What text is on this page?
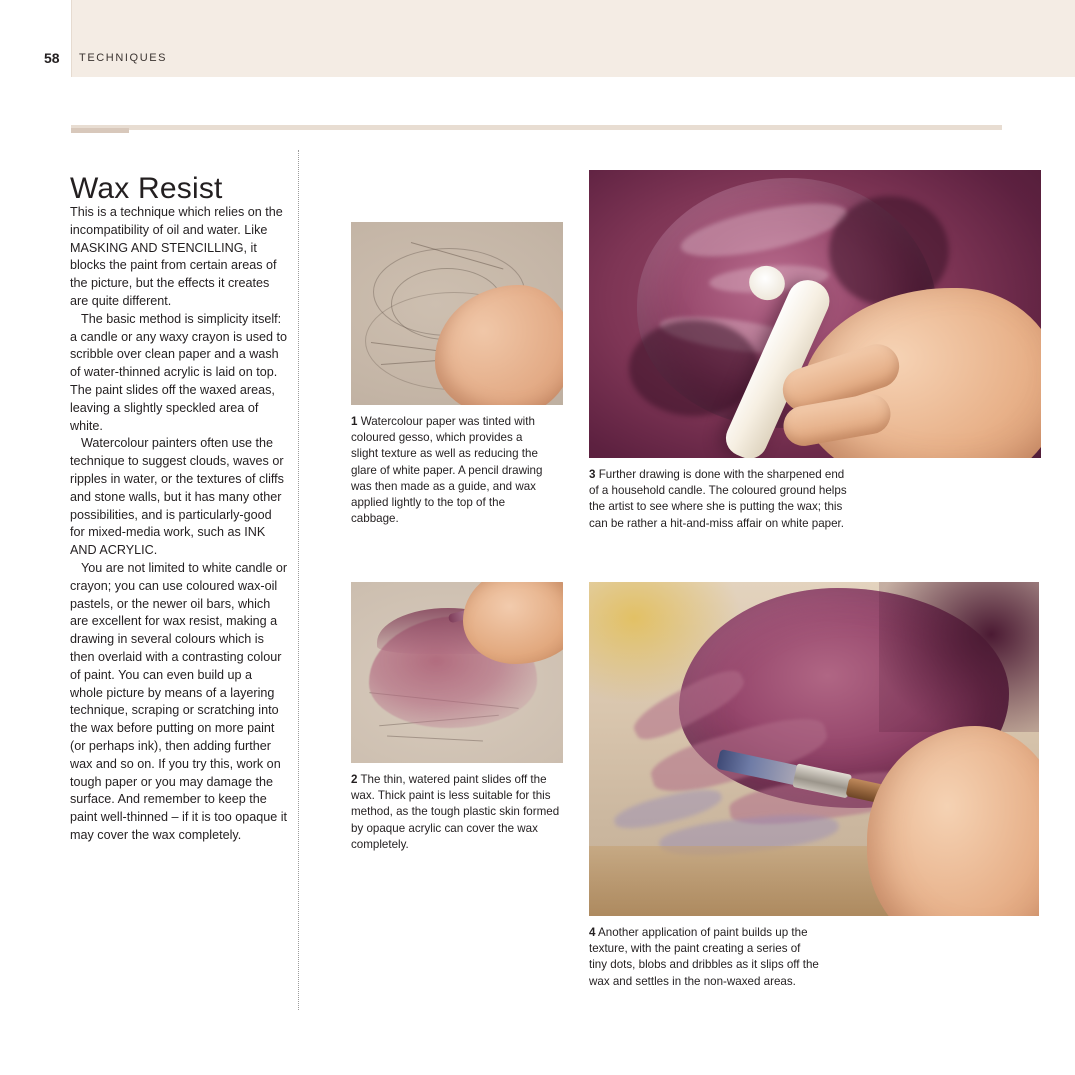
58 TECHNIQUES
Wax Resist

This is a technique which relies on the incompatibility of oil and water. Like MASKING AND STENCILLING, it blocks the paint from certain areas of the picture, but the effects it creates are quite different.

The basic method is simplicity itself: a candle or any waxy crayon is used to scribble over clean paper and a wash of water-thinned acrylic is laid on top. The paint slides off the waxed areas, leaving a slightly speckled area of white.

Watercolour painters often use the technique to suggest clouds, waves or ripples in water, or the textures of cliffs and stone walls, but it has many other possibilities, and is particularly-good for mixed-media work, such as INK AND ACRYLIC.

You are not limited to white candle or crayon; you can use coloured wax-oil pastels, or the newer oil bars, which are excellent for wax resist, making a drawing in several colours which is then overlaid with a contrasting colour of paint. You can even build up a whole picture by means of a layering technique, scraping or scratching into the wax before putting on more paint (or perhaps ink), then adding further wax and so on. If you try this, work on tough paper or you may damage the surface. And remember to keep the paint well-thinned – if it is too opaque it may cover the wax completely.

1 Watercolour paper was tinted with coloured gesso, which provides a slight texture as well as reducing the glare of white paper. A pencil drawing was then made as a guide, and wax applied lightly to the top of the cabbage.
2 The thin, watered paint slides off the wax. Thick paint is less suitable for this method, as the tough plastic skin formed by opaque acrylic can cover the wax completely.
3 Further drawing is done with the sharpened end of a household candle. The coloured ground helps the artist to see where she is putting the wax; this can be rather a hit-and-miss affair on white paper.
4 Another application of paint builds up the texture, with the paint creating a series of tiny dots, blobs and dribbles as it slips off the wax and settles in the non-waxed areas.
